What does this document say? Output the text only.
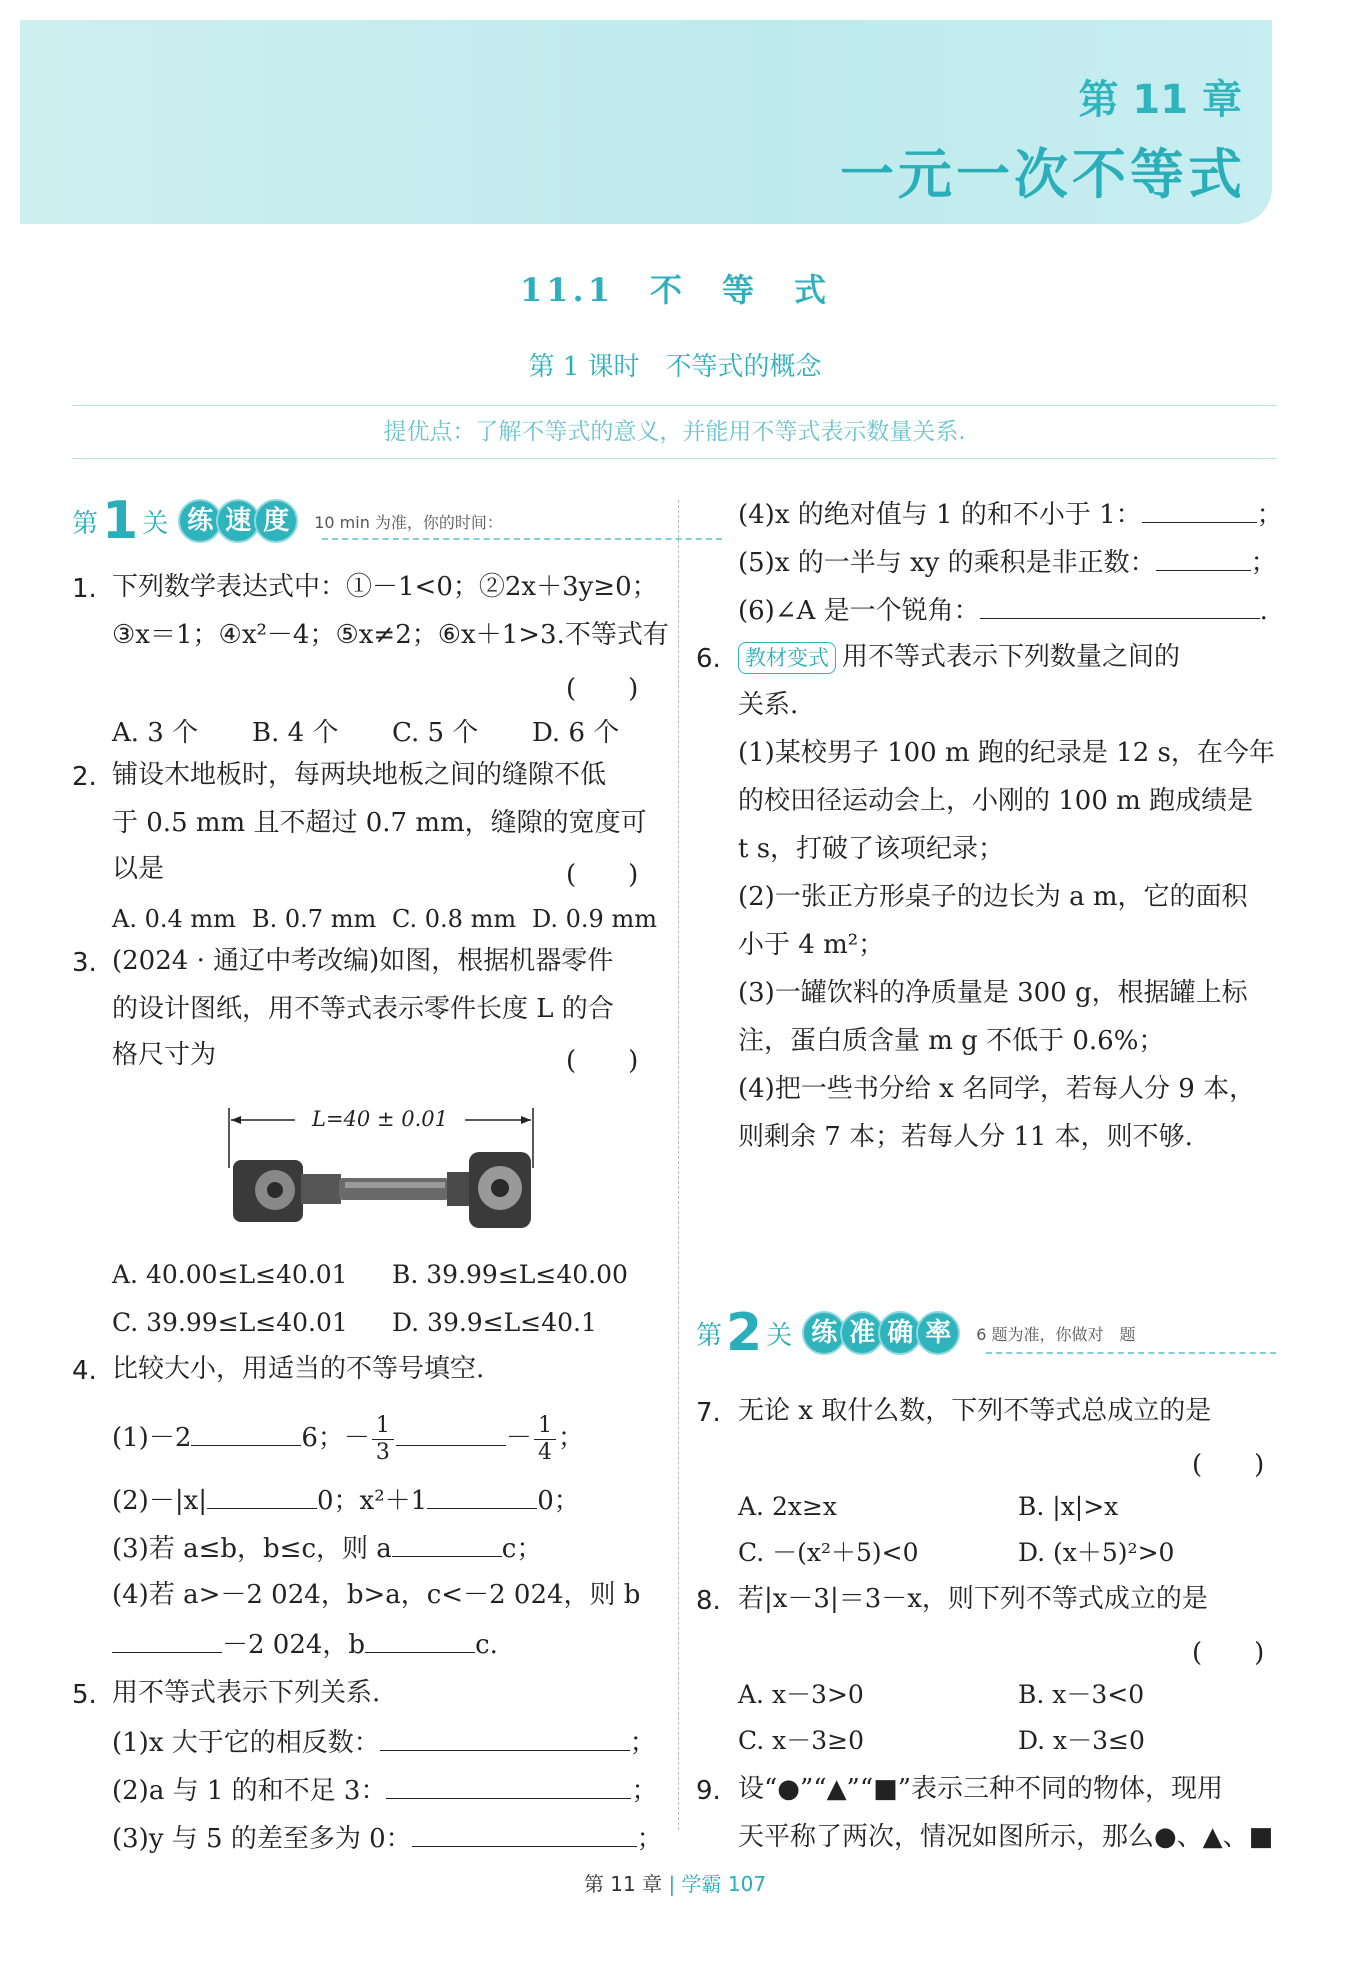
第 11 章
一元一次不等式
11.1　不　等　式
第 1 课时　不等式的概念
提优点：了解不等式的意义，并能用不等式表示数量关系.
第 1 关 练 速 度	10 min 为准，你的时间：
1. 下列数学表达式中：①－1<0；②2x＋3y≥0；
③x＝1；④x²－4；⑤x≠2；⑥x＋1>3.不等式有
(　　)
A. 3 个 B. 4 个 C. 5 个 D. 6 个
2. 铺设木地板时，每两块地板之间的缝隙不低
于 0.5 mm 且不超过 0.7 mm，缝隙的宽度可
以是	(　　)
A. 0.4 mm B. 0.7 mm C. 0.8 mm D. 0.9 mm
3. (2024 · 通辽中考改编)如图，根据机器零件
的设计图纸，用不等式表示零件长度 L 的合
格尺寸为	(　　)
L=40 ± 0.01
A. 40.00≤L≤40.01 B. 39.99≤L≤40.00
C. 39.99≤L≤40.01 D. 39.9≤L≤40.1
4. 比较大小，用适当的不等号填空.
(1)－2	6；－ $\frac{1}{3}$	－ $\frac{1}{4}$ ；
(2)－|x|	0；x²＋1	0；
(3)若 a≤b，b≤c，则 a	c；
(4)若 a>－2 024，b>a，c<－2 024，则 b
－2 024，b	c.
5. 用不等式表示下列关系.
(1)x 大于它的相反数：	；
(2)a 与 1 的和不足 3：	；
(3)y 与 5 的差至多为 0：	；
(4)x 的绝对值与 1 的和不小于 1：	；
(5)x 的一半与 xy 的乘积是非正数：	；
(6)∠A 是一个锐角：	.
6.	教材变式 用不等式表示下列数量之间的
关系.
(1)某校男子 100 m 跑的纪录是 12 s，在今年
的校田径运动会上，小刚的 100 m 跑成绩是
t s，打破了该项纪录；
(2)一张正方形桌子的边长为 a m，它的面积
小于 4 m²；
(3)一罐饮料的净质量是 300 g，根据罐上标
注，蛋白质含量 m g 不低于 0.6%；
(4)把一些书分给 x 名同学，若每人分 9 本，
则剩余 7 本；若每人分 11 本，则不够.
第 2 关 练 准 确 率	6 题为准，你做对　题
7. 无论 x 取什么数，下列不等式总成立的是
(　　)
A. 2x≥x	B. |x|>x
C. －(x²＋5)<0	D. (x＋5)²>0
8. 若|x－3|＝3－x，则下列不等式成立的是
(　　)
A. x－3>0	B. x－3<0
C. x－3≥0	D. x－3≤0
9. 设“●”“▲”“■”表示三种不同的物体，现用
天平称了两次，情况如图所示，那么●、▲、■
第 11 章 | 学霸 107
